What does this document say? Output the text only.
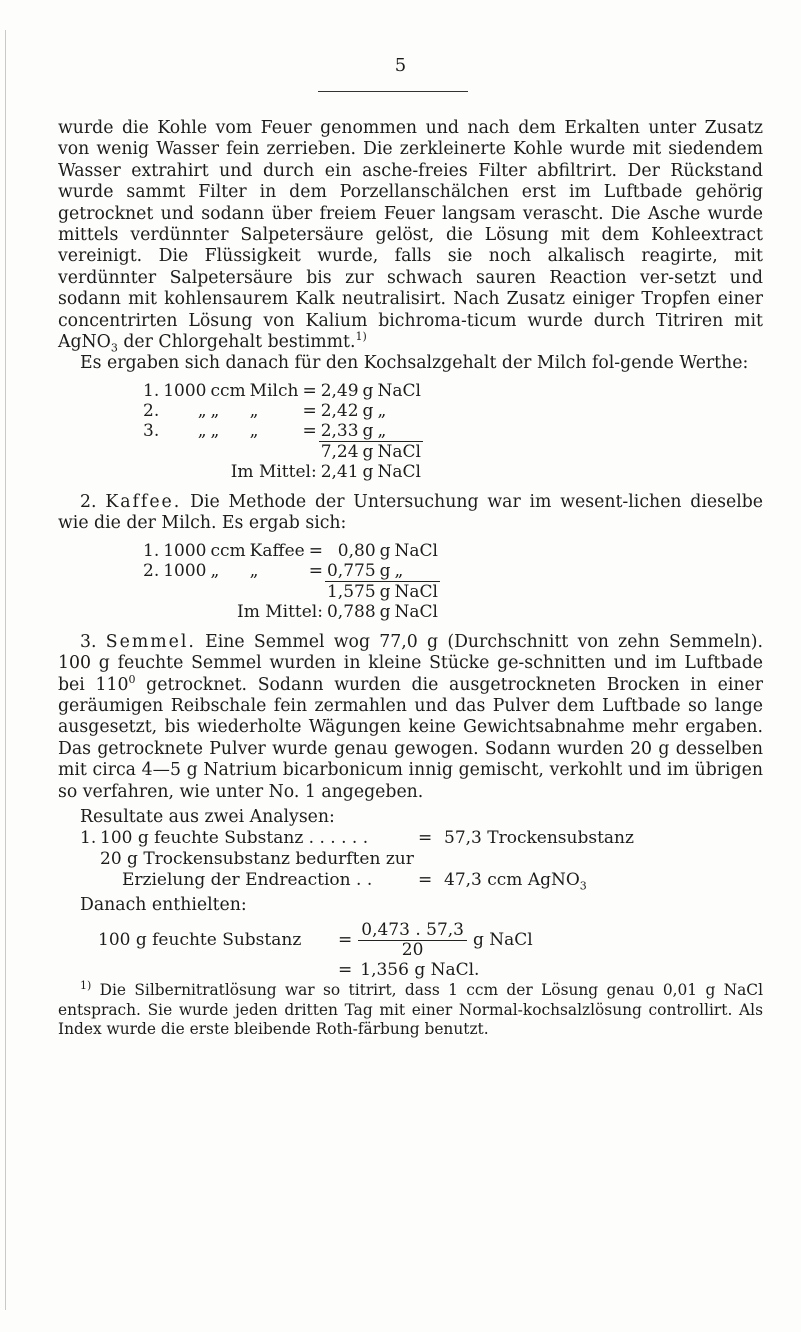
5

wurde die Kohle vom Feuer genommen und nach dem Erkalten unter Zusatz von wenig Wasser fein zerrieben. Die zerkleinerte Kohle wurde mit siedendem Wasser extrahirt und durch ein asche-freies Filter abfiltrirt. Der Rückstand wurde sammt Filter in dem Porzellanschälchen erst im Luftbade gehörig getrocknet und sodann über freiem Feuer langsam verascht. Die Asche wurde mittels verdünnter Salpetersäure gelöst, die Lösung mit dem Kohleextract vereinigt. Die Flüssigkeit wurde, falls sie noch alkalisch reagirte, mit verdünnter Salpetersäure bis zur schwach sauren Reaction ver-setzt und sodann mit kohlensaurem Kalk neutralisirt. Nach Zusatz einiger Tropfen einer concentrirten Lösung von Kalium bichroma-ticum wurde durch Titriren mit AgNO$_3$ der Chlorgehalt bestimmt.$^{1)}$

Es ergaben sich danach für den Kochsalzgehalt der Milch fol-gende Werthe:

1.	1000	ccm	Milch	=	2,49	g	NaCl
2.	„	„	„	=	2,42	g	„
3.	„	„	„	=	2,33	g	„
					7,24	g	NaCl
Im Mittel:					2,41	g	NaCl

2. Kaffee. Die Methode der Untersuchung war im wesent-lichen dieselbe wie die der Milch. Es ergab sich:

1.	1000	ccm	Kaffee	=	0,80	g	NaCl
2.	1000	„	„	=	0,775	g	„
					1,575	g	NaCl
Im Mittel:					0,788	g	NaCl

3. Semmel. Eine Semmel wog 77,0 g (Durchschnitt von zehn Semmeln). 100 g feuchte Semmel wurden in kleine Stücke ge-schnitten und im Luftbade bei $110^0$ getrocknet. Sodann wurden die ausgetrockneten Brocken in einer geräumigen Reibschale fein zermahlen und das Pulver dem Luftbade so lange ausgesetzt, bis wiederholte Wägungen keine Gewichtsabnahme mehr ergaben. Das getrocknete Pulver wurde genau gewogen. Sodann wurden 20 g desselben mit circa 4—5 g Natrium bicarbonicum innig gemischt, verkohlt und im übrigen so verfahren, wie unter No. 1 angegeben.

Resultate aus zwei Analysen:

1. 100 g feuchte Substanz . . . . . .	= 57,3 Trockensubstanz
20 g Trockensubstanz bedurften zur
Erzielung der Endreaction . .	= 47,3 ccm AgNO$_3$

Danach enthielten:

100 g feuchte Substanz	= $\frac{0,473 . 57,3}{20}$ g NaCl
= 1,356 g NaCl.

$^{1)}$ Die Silbernitratlösung war so titrirt, dass 1 ccm der Lösung genau 0,01 g NaCl entsprach. Sie wurde jeden dritten Tag mit einer Normal-kochsalzlösung controllirt. Als Index wurde die erste bleibende Roth-färbung benutzt.
